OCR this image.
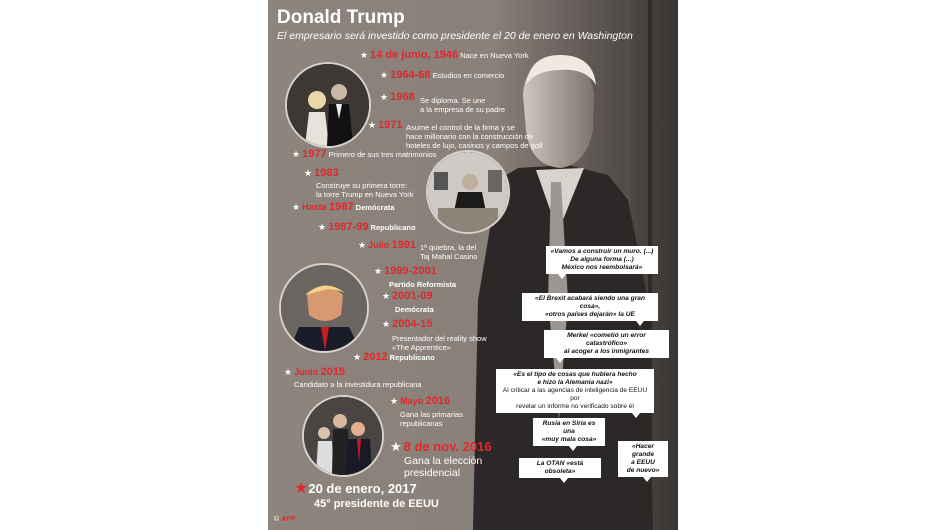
Donald Trump
El empresario será investido como presidente el 20 de enero en Washington
★ 14 de junio, 1946 Nace en Nueva York
★ 1964-68 Estudios en comercio
★ 1968 Se diploma. Se une
a la empresa de su padre
★ 1971 Asume el control de la firma y se
hace millonario con la construcción de
hoteles de lujo, casinos y campos de golf
★ 1977 Primero de sus tres matrimonios
★ 1983
Construye su primera torre:
la torre Trump en Nueva York
★ Hasta 1987 Demócrata
★ 1987-99 Republicano
★ Julio 1991 1ª quiebra, la del
Taj Mahal Casino
★ 1999-2001
Partido Reformista
★ 2001-09
Demócrata
★ 2004-15
Presentador del reality show
«The Apprentice»
★ 2012 Republicano
★ Junio 2015
Candidato a la investidura republicana
★ Mayo 2016
Gana las primarias
republicanas
★ 8 de nov. 2016
Gana la elección
presidencial
★20 de enero, 2017
45° presidente de EEUU
«Vamos a construir un muro. (...)
De alguna forma (...)
México nos reembolsará»
«El Brexit acabará siendo una gran cosa»,
«otros países dejarán» la UE
Merkel «cometió un error catastrófico»
al acoger a los inmigrantes
«Es el tipo de cosas que hubiera hecho
e hizo la Alemania nazi»
Al criticar a las agencias de inteligencia de EEUU por
revelar un informe no verificado sobre él
Rusia en Siria es una
«muy mala cosa»
«Hacer grande
a EEUU
de nuevo»
La OTAN «está obsoleta»
© AFP
